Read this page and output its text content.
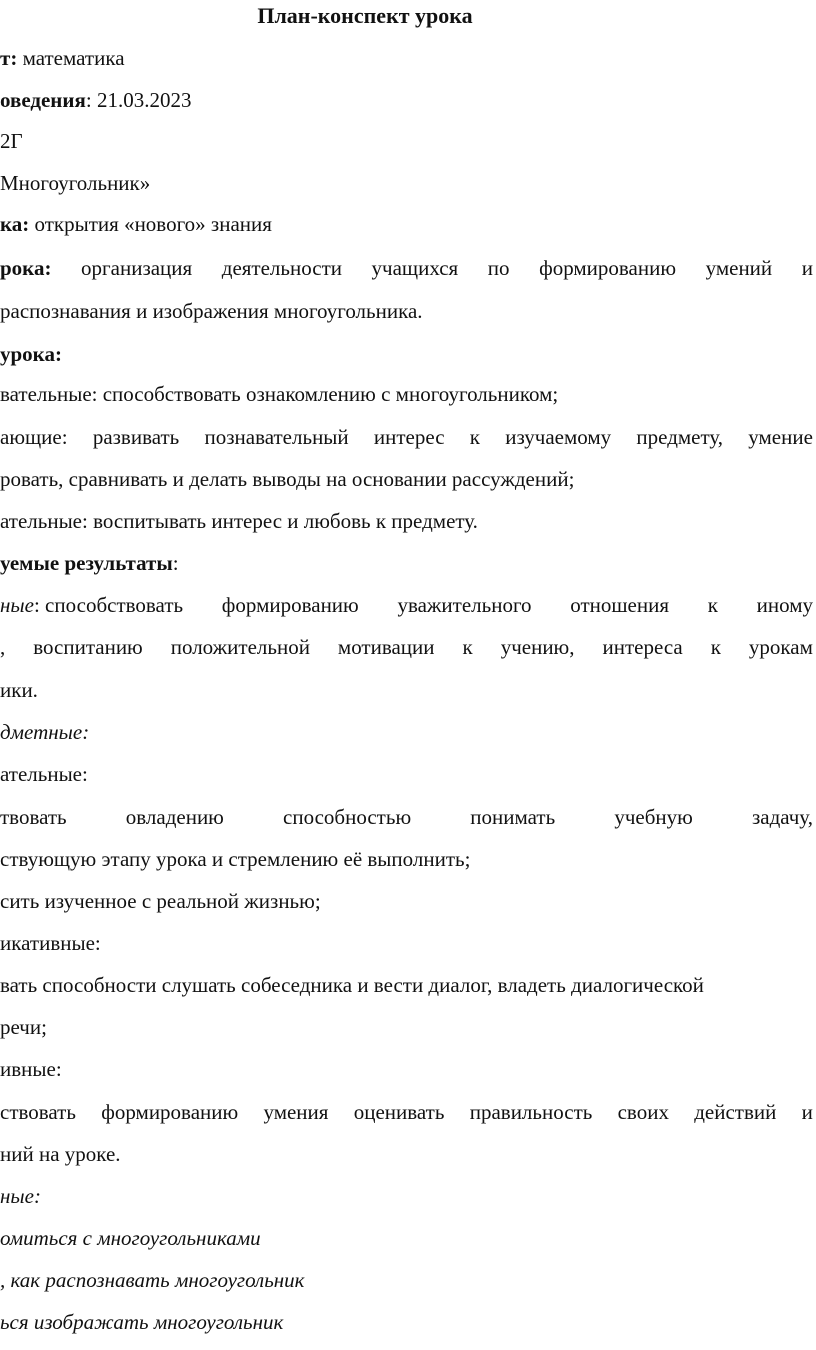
План-конспект урока
т: математика
оведения: 21.03.2023
2Г
Многоугольник»
ка: открытия «нового» знания
рока: организация деятельности учащихся по формированию умений и
распознавания и изображения многоугольника.
урока:
вательные: способствовать ознакомлению с многоугольником;
ающие: развивать познавательный интерес к изучаемому предмету, умение
ровать, сравнивать и делать выводы на основании рассуждений;
ательные: воспитывать интерес и любовь к предмету.
уемые результаты:
ные: способствовать формированию уважительного отношения к иному
, воспитанию положительной мотивации к учению, интереса к урокам
ики.
дметные:
ательные:
твовать	овладению	способностью	понимать	учебную	задачу,
ствующую этапу урока и стремлению её выполнить;
сить изученное с реальной жизнью;
икативные:
вать способности слушать собеседника и вести диалог, владеть диалогической
речи;
ивные:
ствовать формированию умения оценивать правильность своих действий и
ний на уроке.
ные:
омиться с многоугольниками
, как распознавать многоугольник
ься изображать многоугольник
